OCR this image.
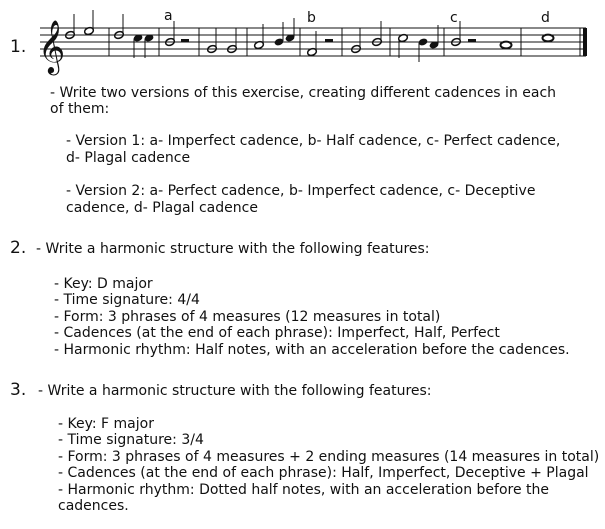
1.
a	b	c	d
𝄞
- Write two versions of this exercise, creating different cadences in each
of them:
- Version 1: a- Imperfect cadence, b- Half cadence, c- Perfect cadence,
d- Plagal cadence
- Version 2: a- Perfect cadence, b- Imperfect cadence, c- Deceptive
cadence, d- Plagal cadence
2. - Write a harmonic structure with the following features:
- Key: D major
- Time signature: 4/4
- Form: 3 phrases of 4 measures (12 measures in total)
- Cadences (at the end of each phrase): Imperfect, Half, Perfect
- Harmonic rhythm: Half notes, with an acceleration before the cadences.
3. - Write a harmonic structure with the following features:
- Key: F major
- Time signature: 3/4
- Form: 3 phrases of 4 measures + 2 ending measures (14 measures in total)
- Cadences (at the end of each phrase): Half, Imperfect, Deceptive + Plagal
- Harmonic rhythm: Dotted half notes, with an acceleration before the
cadences.
